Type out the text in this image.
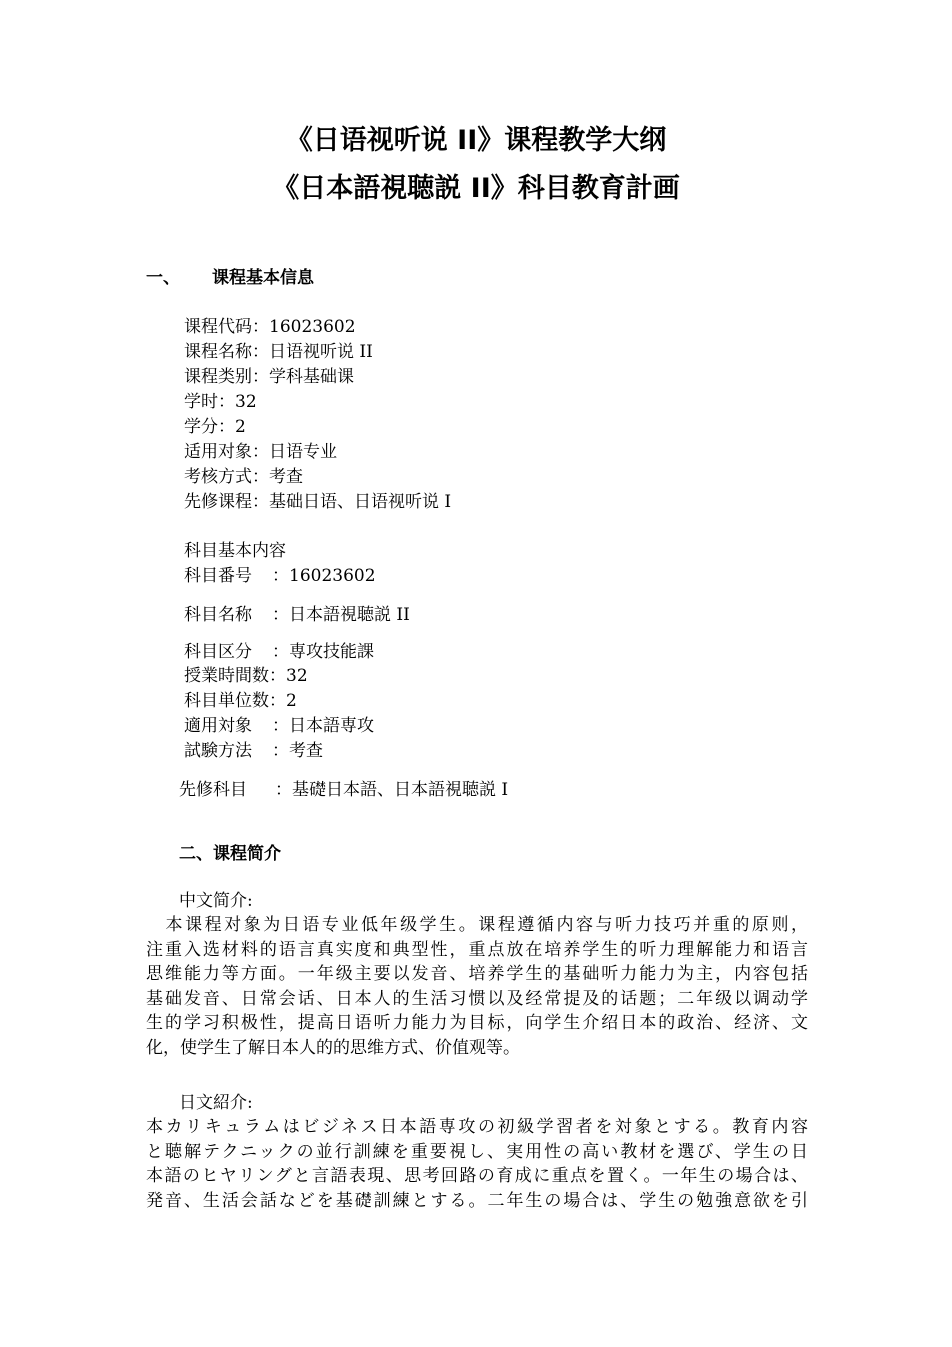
《日语视听说 II》课程教学大纲
《日本語視聴説 II》科目教育計画
一、 课程基本信息
课程代码：16023602
课程名称：日语视听说 II
课程类别：学科基础课
学时：32
学分：2
适用对象：日语专业
考核方式：考查
先修课程：基础日语、日语视听说 I
科目基本内容
科目番号 ：16023602
科目名称 ：日本語視聴説 II
科目区分 ：専攻技能課
授業時間数：32
科目単位数：2
適用対象 ：日本語専攻
試験方法 ：考查
先修科目 ：基礎日本語、日本語視聴説 I
二、课程简介
中文简介:
　本课程对象为日语专业低年级学生。课程遵循内容与听力技巧并重的原则，
注重入选材料的语言真实度和典型性，重点放在培养学生的听力理解能力和语言
思维能力等方面。一年级主要以发音、培养学生的基础听力能力为主，内容包括
基础发音、日常会话、日本人的生活习惯以及经常提及的话题；二年级以调动学
生的学习积极性，提高日语听力能力为目标，向学生介绍日本的政治、经济、文
化，使学生了解日本人的的思维方式、价值观等。
日文紹介:
本カリキュラムはビジネス日本語専攻の初級学習者を対象とする。教育内容
と聴解テクニックの並行訓練を重要視し、実用性の高い教材を選び、学生の日
本語のヒヤリングと言語表現、思考回路の育成に重点を置く。一年生の場合は、
発音、生活会話などを基礎訓練とする。二年生の場合は、学生の勉強意欲を引
